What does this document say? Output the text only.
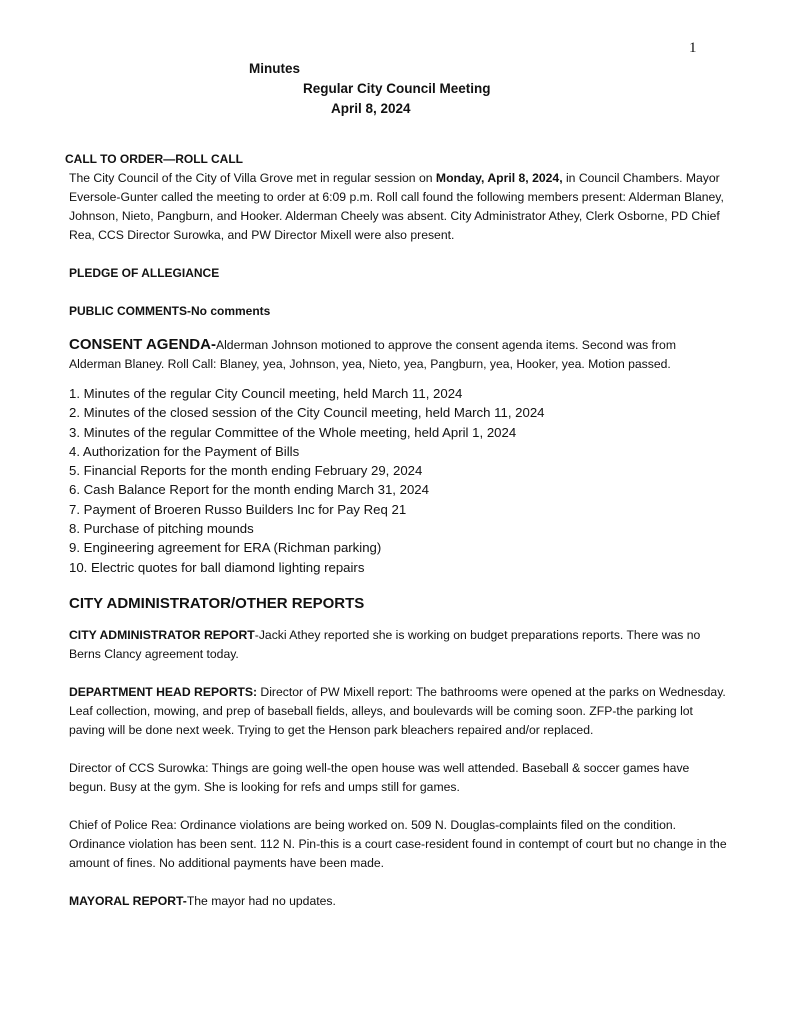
1
Minutes
Regular City Council Meeting
April 8, 2024
CALL TO ORDER—ROLL CALL

The City Council of the City of Villa Grove met in regular session on Monday, April 8, 2024, in Council Chambers. Mayor Eversole-Gunter called the meeting to order at 6:09 p.m. Roll call found the following members present: Alderman Blaney, Johnson, Nieto, Pangburn, and Hooker. Alderman Cheely was absent. City Administrator Athey, Clerk Osborne, PD Chief Rea, CCS Director Surowka, and PW Director Mixell were also present.

PLEDGE OF ALLEGIANCE
PUBLIC COMMENTS-No comments

CONSENT AGENDA-Alderman Johnson motioned to approve the consent agenda items. Second was from Alderman Blaney. Roll Call: Blaney, yea, Johnson, yea, Nieto, yea, Pangburn, yea, Hooker, yea. Motion passed.

1. Minutes of the regular City Council meeting, held March 11, 2024
2. Minutes of the closed session of the City Council meeting, held March 11, 2024
3. Minutes of the regular Committee of the Whole meeting, held April 1, 2024
4. Authorization for the Payment of Bills
5. Financial Reports for the month ending February 29, 2024
6. Cash Balance Report for the month ending March 31, 2024
7. Payment of Broeren Russo Builders Inc for Pay Req 21
8. Purchase of pitching mounds
9. Engineering agreement for ERA (Richman parking)
10. Electric quotes for ball diamond lighting repairs
CITY ADMINISTRATOR/OTHER REPORTS

CITY ADMINISTRATOR REPORT-Jacki Athey reported she is working on budget preparations reports. There was no Berns Clancy agreement today.

DEPARTMENT HEAD REPORTS: Director of PW Mixell report: The bathrooms were opened at the parks on Wednesday. Leaf collection, mowing, and prep of baseball fields, alleys, and boulevards will be coming soon. ZFP-the parking lot paving will be done next week. Trying to get the Henson park bleachers repaired and/or replaced.

Director of CCS Surowka: Things are going well-the open house was well attended. Baseball & soccer games have begun. Busy at the gym. She is looking for refs and umps still for games.

Chief of Police Rea: Ordinance violations are being worked on. 509 N. Douglas-complaints filed on the condition. Ordinance violation has been sent. 112 N. Pin-this is a court case-resident found in contempt of court but no change in the amount of fines. No additional payments have been made.

MAYORAL REPORT-The mayor had no updates.
